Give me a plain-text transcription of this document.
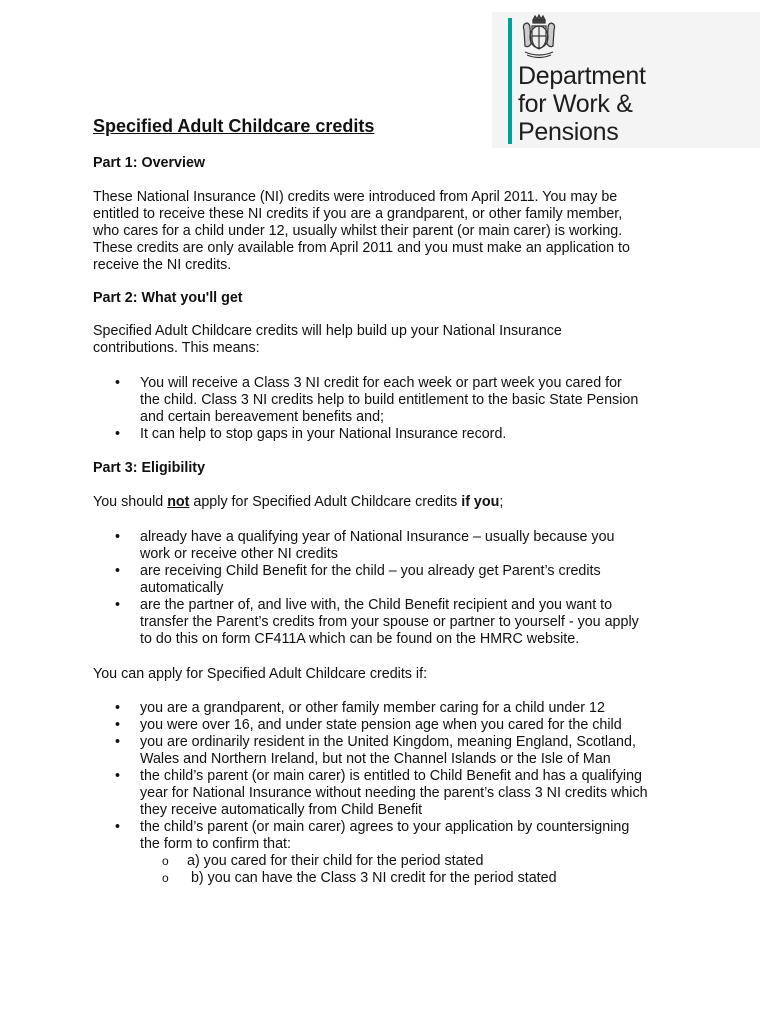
Department
for Work &
Pensions
Specified Adult Childcare credits
Part 1: Overview

These National Insurance (NI) credits were introduced from April 2011. You may be

entitled to receive these NI credits if you are a grandparent, or other family member,

who cares for a child under 12, usually whilst their parent (or main carer) is working.

These credits are only available from April 2011 and you must make an application to

receive the NI credits.

Part 2: What you'll get

Specified Adult Childcare credits will help build up your National Insurance

contributions. This means:

• You will receive a Class 3 NI credit for each week or part week you cared for
the child. Class 3 NI credits help to build entitlement to the basic State Pension
and certain bereavement benefits and;
• It can help to stop gaps in your National Insurance record.
Part 3: Eligibility

You should not apply for Specified Adult Childcare credits if you;

• already have a qualifying year of National Insurance – usually because you
work or receive other NI credits
• are receiving Child Benefit for the child – you already get Parent’s credits
automatically
• are the partner of, and live with, the Child Benefit recipient and you want to
transfer the Parent’s credits from your spouse or partner to yourself - you apply
to do this on form CF411A which can be found on the HMRC website.

You can apply for Specified Adult Childcare credits if:

• you are a grandparent, or other family member caring for a child under 12
• you were over 16, and under state pension age when you cared for the child
• you are ordinarily resident in the United Kingdom, meaning England, Scotland,
Wales and Northern Ireland, but not the Channel Islands or the Isle of Man
• the child’s parent (or main carer) is entitled to Child Benefit and has a qualifying
year for National Insurance without needing the parent’s class 3 NI credits which
they receive automatically from Child Benefit
• the child’s parent (or main carer) agrees to your application by countersigning
the form to confirm that:
o a) you cared for their child for the period stated
o  b) you can have the Class 3 NI credit for the period stated
